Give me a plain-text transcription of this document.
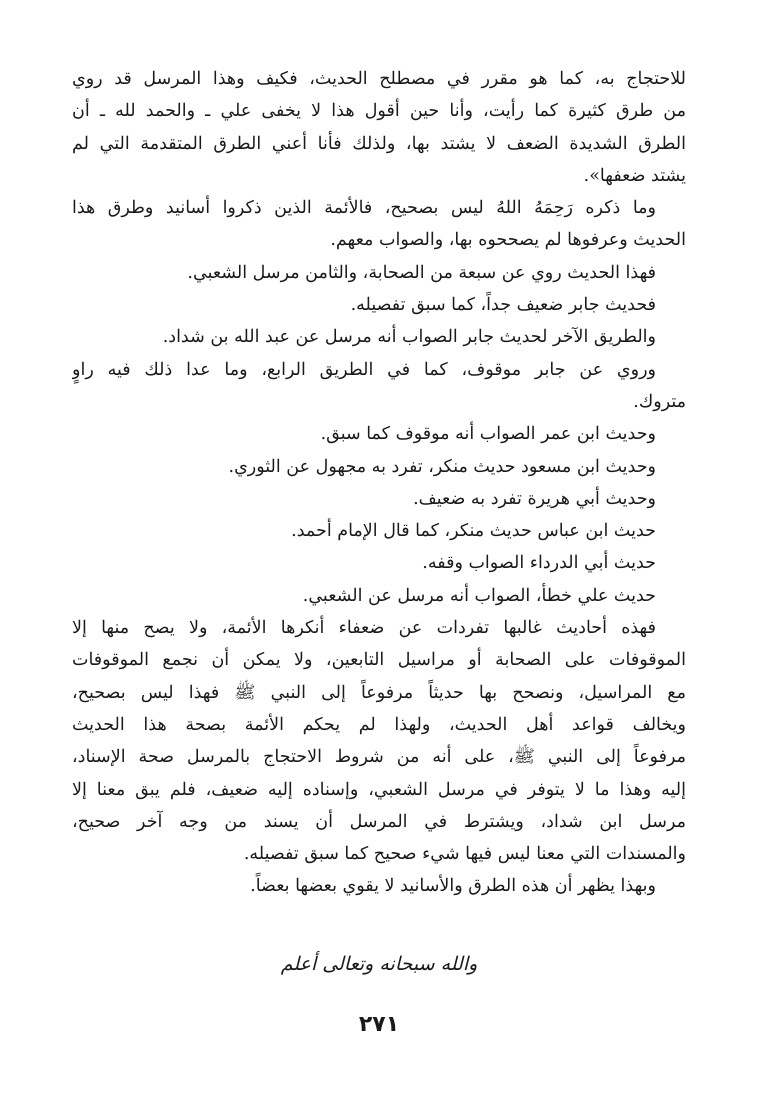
للاحتجاج به، كما هو مقرر في مصطلح الحديث، فكيف وهذا المرسل قد روي
من طرق كثيرة كما رأيت، وأنا حين أقول هذا لا يخفى علي ـ والحمد لله ـ أن
الطرق الشديدة الضعف لا يشتد بها، ولذلك فأنا أعني الطرق المتقدمة التي لم
يشتد ضعفها».
وما ذكره رَحِمَهُ اللهُ ليس بصحيح، فالأئمة الذين ذكروا أسانيد وطرق هذا
الحديث وعرفوها لم يصححوه بها، والصواب معهم.
فهذا الحديث روي عن سبعة من الصحابة، والثامن مرسل الشعبي.
فحديث جابر ضعيف جداً، كما سبق تفصيله.
والطريق الآخر لحديث جابر الصواب أنه مرسل عن عبد الله بن شداد.
وروي عن جابر موقوف، كما في الطريق الرابع، وما عدا ذلك فيه راوٍ
متروك.
وحديث ابن عمر الصواب أنه موقوف كما سبق.
وحديث ابن مسعود حديث منكر، تفرد به مجهول عن الثوري.
وحديث أبي هريرة تفرد به ضعيف.
حديث ابن عباس حديث منكر، كما قال الإمام أحمد.
حديث أبي الدرداء الصواب وقفه.
حديث علي خطأ، الصواب أنه مرسل عن الشعبي.
فهذه أحاديث غالبها تفردات عن ضعفاء أنكرها الأئمة، ولا يصح منها إلا
الموقوفات على الصحابة أو مراسيل التابعين، ولا يمكن أن نجمع الموقوفات
مع المراسيل، ونصحح بها حديثاً مرفوعاً إلى النبي ﷺ فهذا ليس بصحيح،
ويخالف قواعد أهل الحديث، ولهذا لم يحكم الأئمة بصحة هذا الحديث
مرفوعاً إلى النبي ﷺ، على أنه من شروط الاحتجاج بالمرسل صحة الإسناد،
إليه وهذا ما لا يتوفر في مرسل الشعبي، وإسناده إليه ضعيف، فلم يبق معنا إلا
مرسل ابن شداد، ويشترط في المرسل أن يسند من وجه آخر صحيح،
والمسندات التي معنا ليس فيها شيء صحيح كما سبق تفصيله.
وبهذا يظهر أن هذه الطرق والأسانيد لا يقوي بعضها بعضاً.
والله سبحانه وتعالى أعلم
٢٧١
